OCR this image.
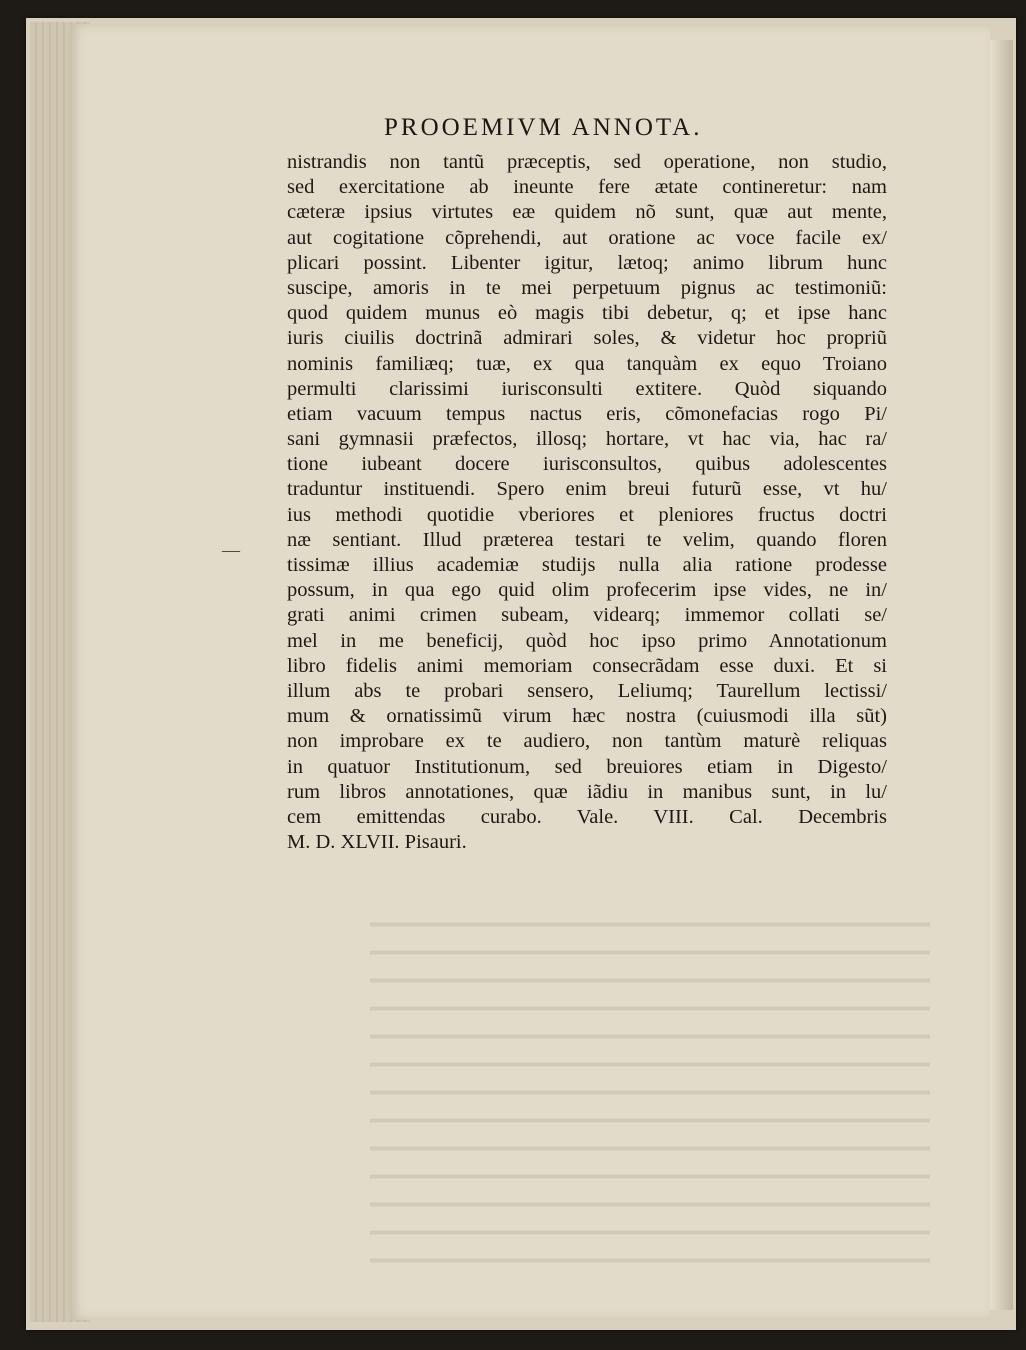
PROOEMIVM ANNOTA.
—
nistrandis non tantũ præceptis, sed operatione, non studio,
sed exercitatione ab ineunte fere ætate contineretur: nam
cæteræ ipsius virtutes eæ quidem nõ sunt, quæ aut mente,
aut cogitatione cõprehendi, aut oratione ac voce facile ex/
plicari possint. Libenter igitur, lætoq; animo librum hunc
suscipe, amoris in te mei perpetuum pignus ac testimoniũ:
quod quidem munus eò magis tibi debetur, q; et ipse hanc
iuris ciuilis doctrinã admirari soles, & videtur hoc propriũ
nominis familiæq; tuæ, ex qua tanquàm ex equo Troiano
permulti clarissimi iurisconsulti extitere. Quòd siquando
etiam vacuum tempus nactus eris, cõmonefacias rogo Pi/
sani gymnasii præfectos, illosq; hortare, vt hac via, hac ra/
tione iubeant docere iurisconsultos, quibus adolescentes
traduntur instituendi. Spero enim breui futurũ esse, vt hu/
ius methodi quotidie vberiores et pleniores fructus doctri
næ sentiant. Illud præterea testari te velim, quando floren
tissimæ illius academiæ studijs nulla alia ratione prodesse
possum, in qua ego quid olim profecerim ipse vides, ne in/
grati animi crimen subeam, videarq; immemor collati se/
mel in me beneficij, quòd hoc ipso primo Annotationum
libro fidelis animi memoriam consecrãdam esse duxi. Et si
illum abs te probari sensero, Leliumq; Taurellum lectissi/
mum & ornatissimũ virum hæc nostra (cuiusmodi illa sũt)
non improbare ex te audiero, non tantùm maturè reliquas
in quatuor Institutionum, sed breuiores etiam in Digesto/
rum libros annotationes, quæ iãdiu in manibus sunt, in lu/
cem emittendas curabo. Vale. VIII. Cal. Decembris
M. D. XLVII. Pisauri.
